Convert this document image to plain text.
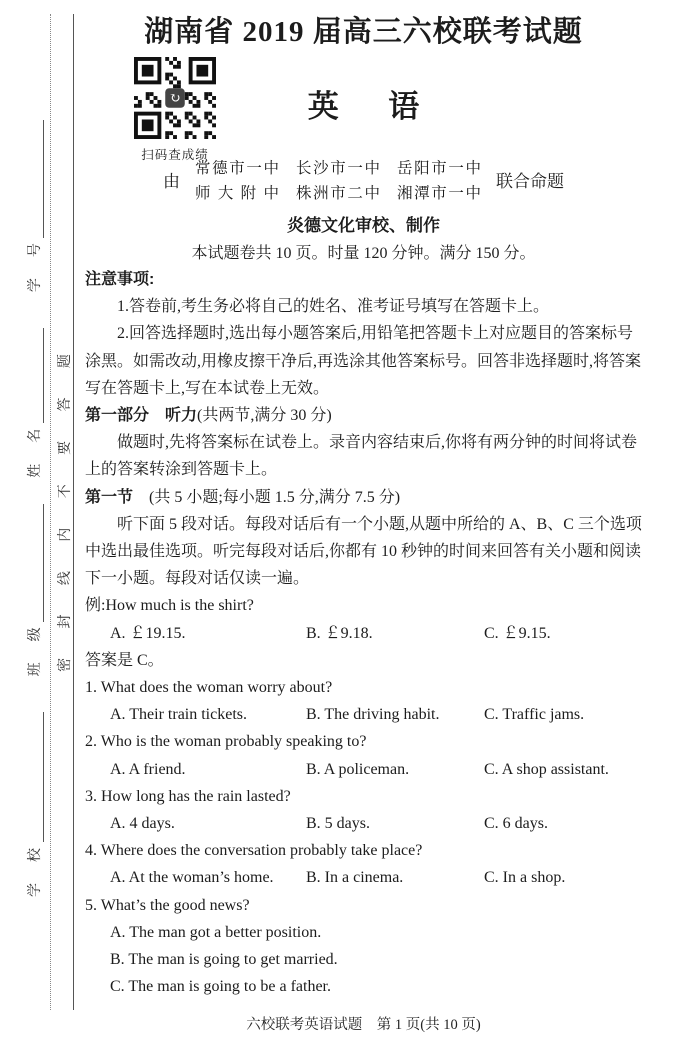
学校
班级
姓名
学号
密封线内不要答题
湖南省 2019 届高三六校联考试题
↻
扫码查成绩
英语
由
常德市一中 长沙市一中 岳阳市一中
师大附中 株洲市二中 湘潭市一中
联合命题
炎德文化审校、制作
本试题卷共 10 页。时量 120 分钟。满分 150 分。

注意事项:

1.答卷前,考生务必将自己的姓名、准考证号填写在答题卡上。

2.回答选择题时,选出每小题答案后,用铅笔把答题卡上对应题目的答案标号涂黑。如需改动,用橡皮擦干净后,再选涂其他答案标号。回答非选择题时,将答案写在答题卡上,写在本试卷上无效。

第一部分　 听力(共两节,满分 30 分)

做题时,先将答案标在试卷上。录音内容结束后,你将有两分钟的时间将试卷上的答案转涂到答题卡上。

第一节　 (共 5 小题;每小题 1.5 分,满分 7.5 分)

听下面 5 段对话。每段对话后有一个小题,从题中所给的 A、B、C 三个选项中选出最佳选项。听完每段对话后,你都有 10 秒钟的时间来回答有关小题和阅读下一小题。每段对话仅读一遍。

例:How much is the shirt?

A. ￡19.15.	B. ￡9.18.	C. ￡9.15.

答案是 C。

1. What does the woman worry about?

A. Their train tickets.	B. The driving habit.	C. Traffic jams.

2. Who is the woman probably speaking to?

A. A friend.	B. A policeman.	C. A shop assistant.

3. How long has the rain lasted?

A. 4 days.	B. 5 days.	C. 6 days.

4. Where does the conversation probably take place?

A. At the woman’s home.	B. In a cinema.	C. In a shop.

5. What’s the good news?

A. The man got a better position.

B. The man is going to get married.

C. The man is going to be a father.

六校联考英语试题 第 1 页(共 10 页)
